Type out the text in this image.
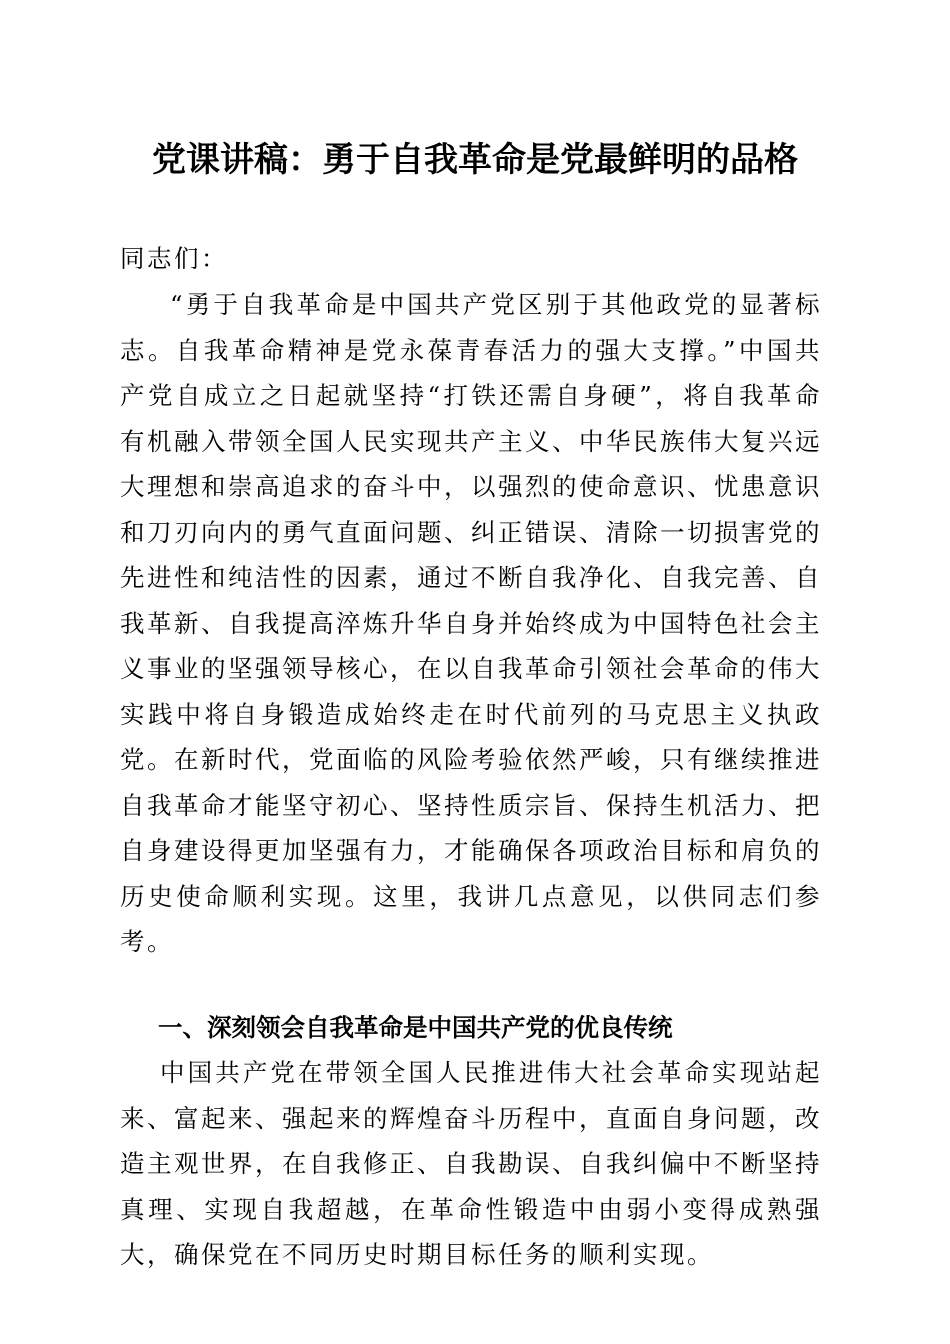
党课讲稿：勇于自我革命是党最鲜明的品格

同志们：

“勇于自我革命是中国共产党区别于其他政党的显著标志。自我革命精神是党永葆青春活力的强大支撑。”中国共产党自成立之日起就坚持“打铁还需自身硬”，将自我革命有机融入带领全国人民实现共产主义、中华民族伟大复兴远大理想和崇高追求的奋斗中，以强烈的使命意识、忧患意识和刀刃向内的勇气直面问题、纠正错误、清除一切损害党的先进性和纯洁性的因素，通过不断自我净化、自我完善、自我革新、自我提高淬炼升华自身并始终成为中国特色社会主义事业的坚强领导核心，在以自我革命引领社会革命的伟大实践中将自身锻造成始终走在时代前列的马克思主义执政党。在新时代，党面临的风险考验依然严峻，只有继续推进自我革命才能坚守初心、坚持性质宗旨、保持生机活力、把自身建设得更加坚强有力，才能确保各项政治目标和肩负的历史使命顺利实现。这里，我讲几点意见，以供同志们参考。

一、深刻领会自我革命是中国共产党的优良传统

中国共产党在带领全国人民推进伟大社会革命实现站起来、富起来、强起来的辉煌奋斗历程中，直面自身问题，改造主观世界，在自我修正、自我勘误、自我纠偏中不断坚持真理、实现自我超越，在革命性锻造中由弱小变得成熟强大，确保党在不同历史时期目标任务的顺利实现。
